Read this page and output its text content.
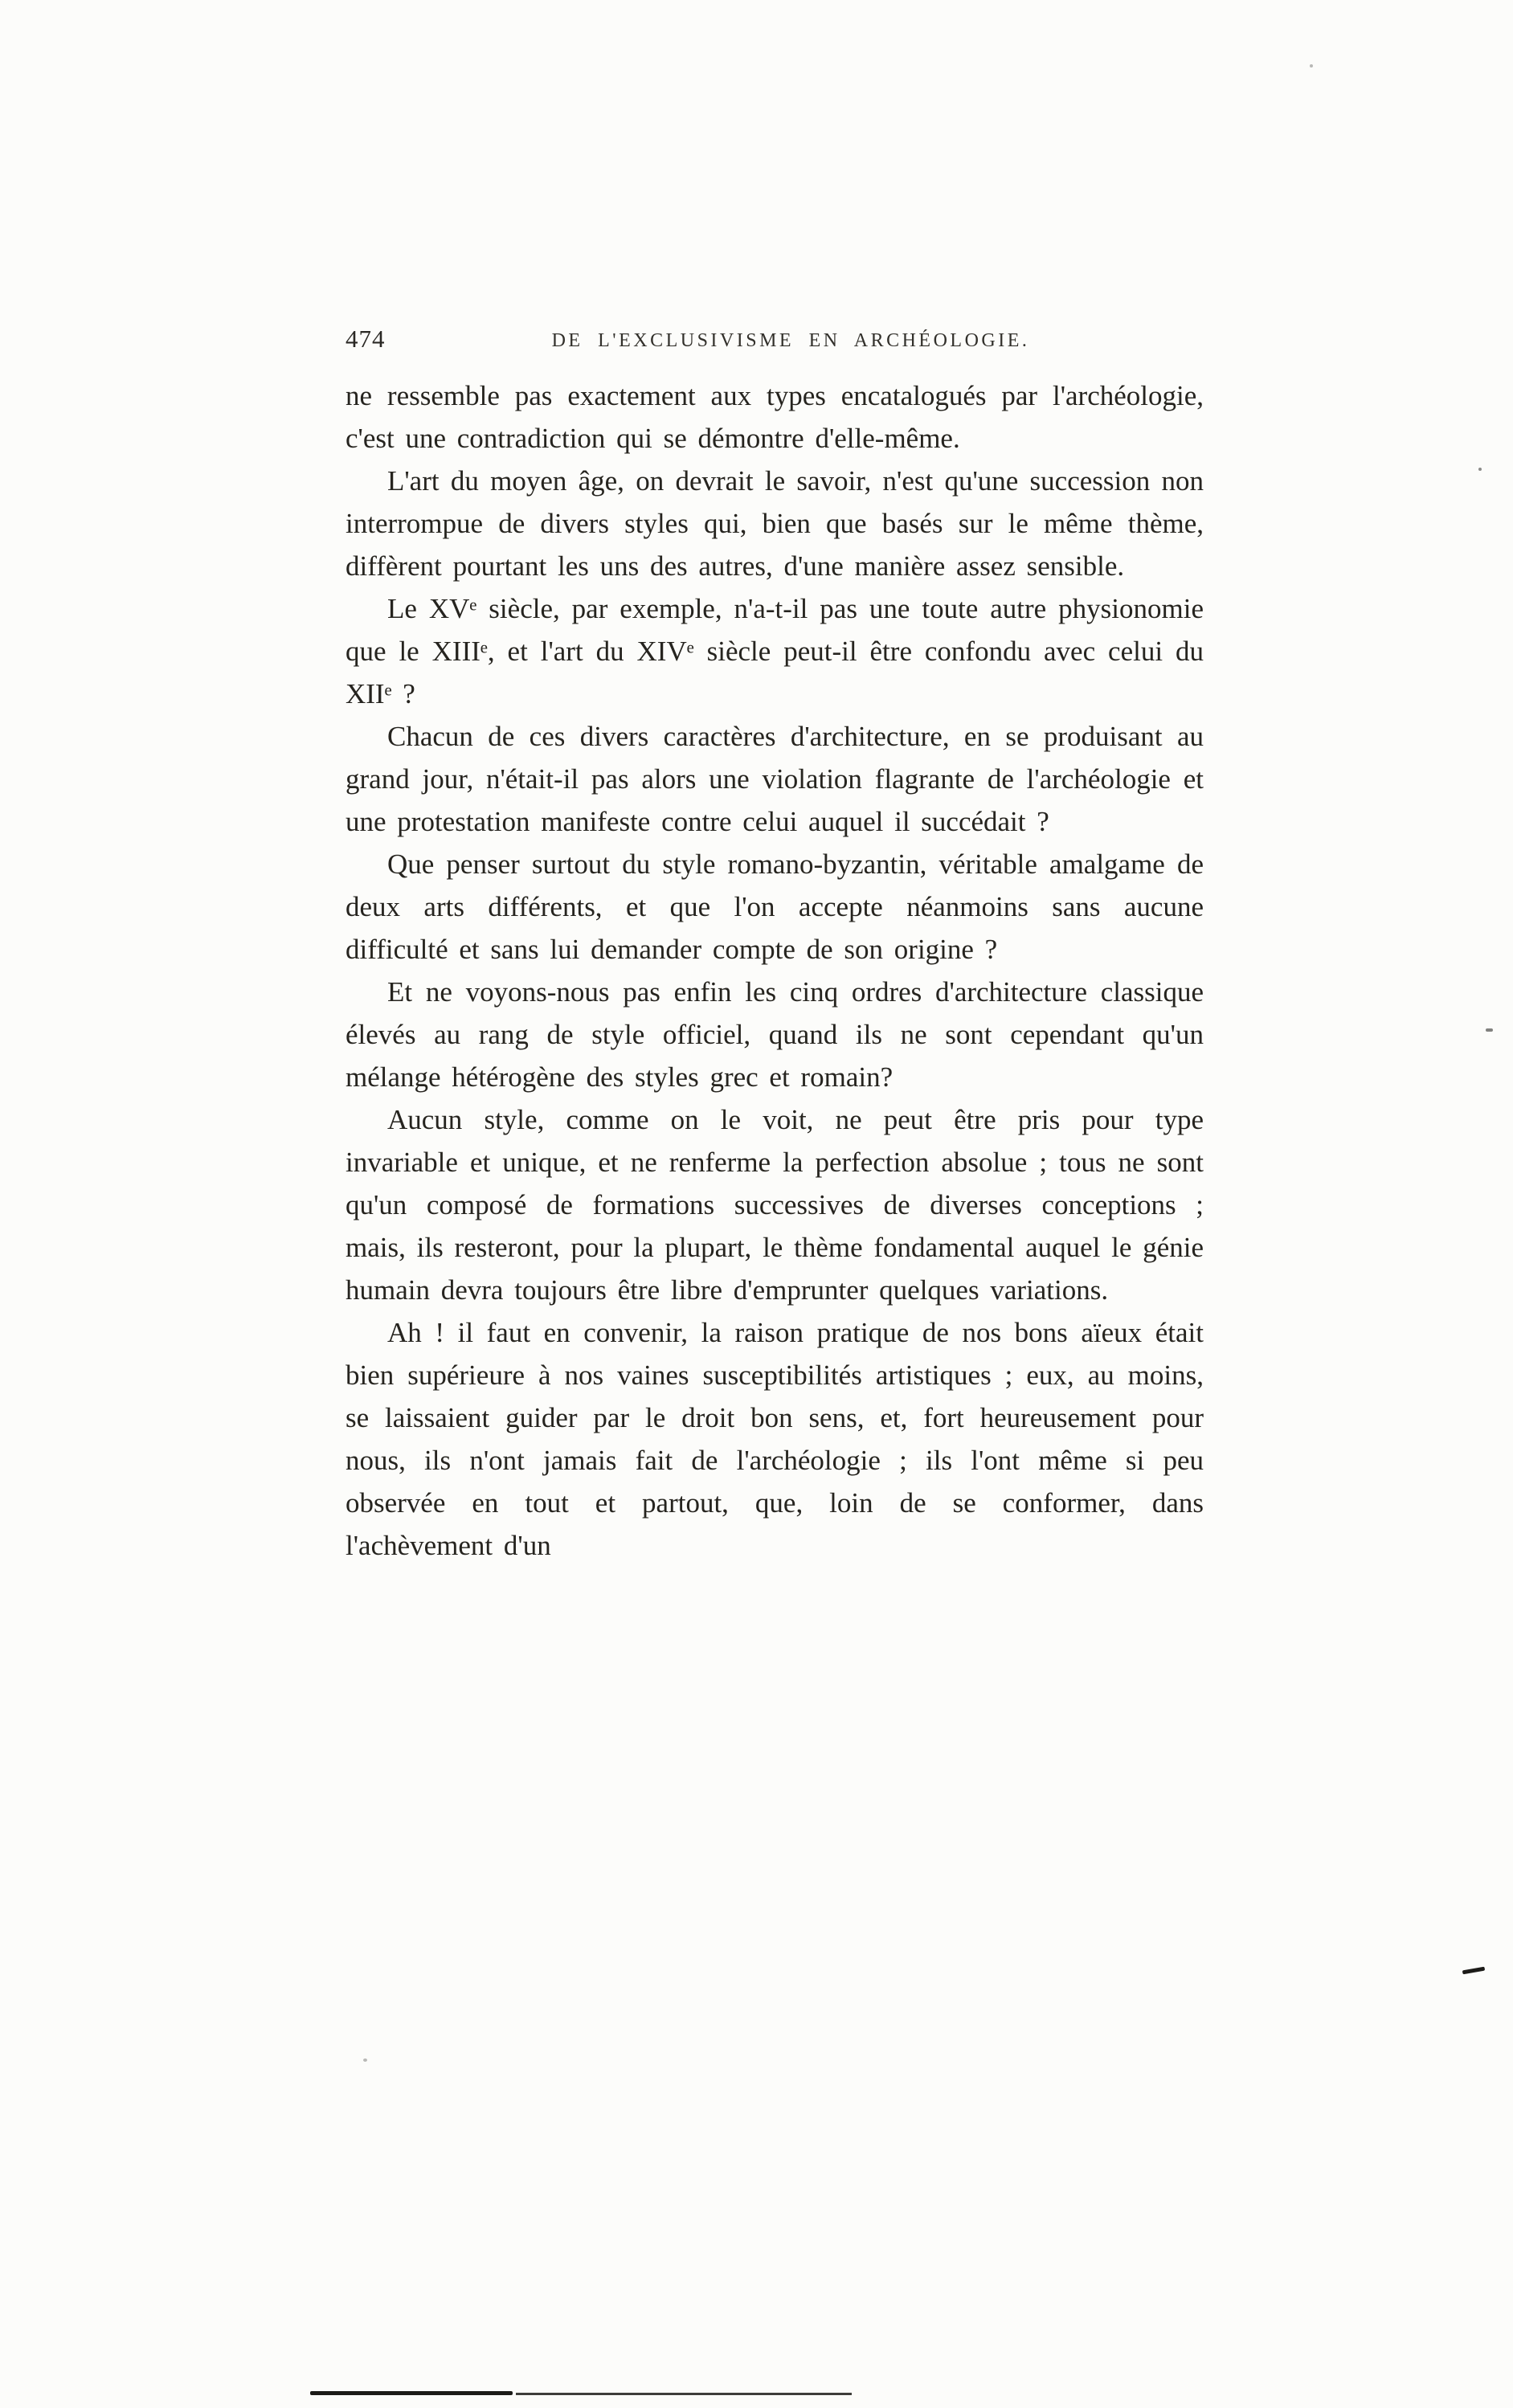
474	DE L'EXCLUSIVISME EN ARCHÉOLOGIE.

ne ressemble pas exactement aux types encatalogués par l'archéologie, c'est une contradiction qui se démontre d'elle-même.

L'art du moyen âge, on devrait le savoir, n'est qu'une succession non interrompue de divers styles qui, bien que basés sur le même thème, diffèrent pourtant les uns des autres, d'une manière assez sensible.

Le XVᵉ siècle, par exemple, n'a-t-il pas une toute autre physionomie que le XIIIᵉ, et l'art du XIVᵉ siècle peut-il être confondu avec celui du XIIᵉ ?

Chacun de ces divers caractères d'architecture, en se produisant au grand jour, n'était-il pas alors une violation flagrante de l'archéologie et une protestation manifeste contre celui auquel il succédait ?

Que penser surtout du style romano-byzantin, véritable amalgame de deux arts différents, et que l'on accepte néanmoins sans aucune difficulté et sans lui demander compte de son origine ?

Et ne voyons-nous pas enfin les cinq ordres d'architecture classique élevés au rang de style officiel, quand ils ne sont cependant qu'un mélange hétérogène des styles grec et romain?

Aucun style, comme on le voit, ne peut être pris pour type invariable et unique, et ne renferme la perfection absolue ; tous ne sont qu'un composé de formations successives de diverses conceptions ; mais, ils resteront, pour la plupart, le thème fondamental auquel le génie humain devra toujours être libre d'emprunter quelques variations.

Ah ! il faut en convenir, la raison pratique de nos bons aïeux était bien supérieure à nos vaines susceptibilités artistiques ; eux, au moins, se laissaient guider par le droit bon sens, et, fort heureusement pour nous, ils n'ont jamais fait de l'archéologie ; ils l'ont même si peu observée en tout et partout, que, loin de se conformer, dans l'achèvement d'un
